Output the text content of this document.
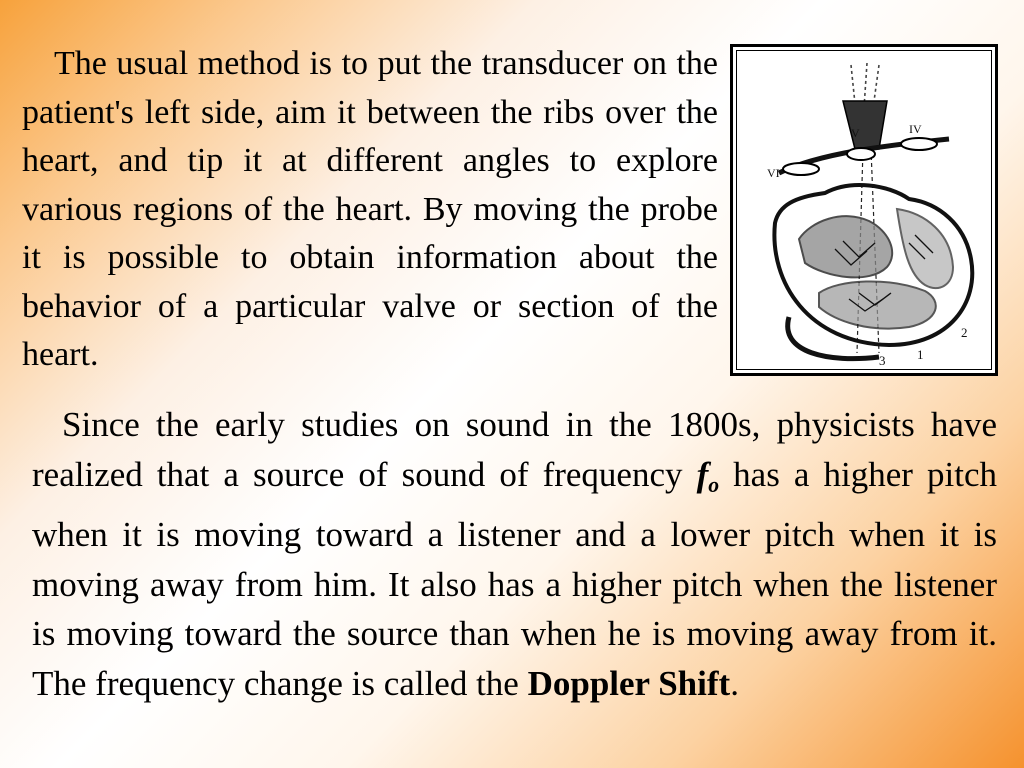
The usual method is to put the transducer on the patient's left side, aim it between the ribs over the heart, and tip it at different angles to explore various regions of the heart. By moving the probe it is possible to obtain information about the behavior of a particular valve or section of the heart.

VI
V	IV
2
3 1

Since the early studies on sound in the 1800s, physicists have realized that a source of sound of frequency $f_o$ has a higher pitch when it is moving toward a listener and a lower pitch when it is moving away from him. It also has a higher pitch when the listener is moving toward the source than when he is moving away from it. The frequency change is called the Doppler Shift.
